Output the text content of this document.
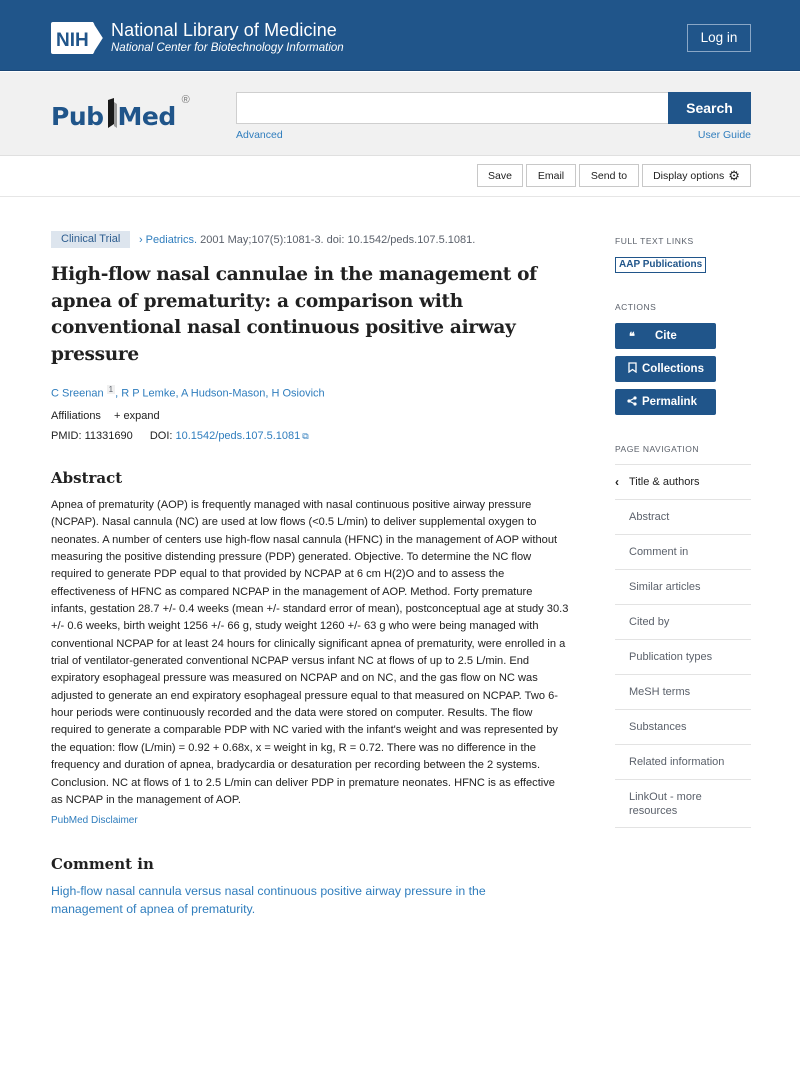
NIH National Library of Medicine
National Center for Biotechnology Information
Log in
Pub Med
®	Search
Advanced	User Guide
Save	Email	Send to	Display options ⚙
Clinical Trial	› Pediatrics. 2001 May;107(5):1081-3. doi: 10.1542/peds.107.5.1081.
High-flow nasal cannulae in the management of apnea of prematurity: a comparison with conventional nasal continuous positive airway pressure
C Sreenan $^1$ , R P Lemke, A Hudson-Mason, H Osiovich
Affiliations + expand
PMID: 11331690 DOI: 10.1542/peds.107.5.1081 ⧉
Abstract

Apnea of prematurity (AOP) is frequently managed with nasal continuous positive airway pressure (NCPAP). Nasal cannula (NC) are used at low flows (<0.5 L/min) to deliver supplemental oxygen to neonates. A number of centers use high-flow nasal cannula (HFNC) in the management of AOP without measuring the positive distending pressure (PDP) generated. Objective. To determine the NC flow required to generate PDP equal to that provided by NCPAP at 6 cm H(2)O and to assess the effectiveness of HFNC as compared NCPAP in the management of AOP. Method. Forty premature infants, gestation 28.7 +/- 0.4 weeks (mean +/- standard error of mean), postconceptual age at study 30.3 +/- 0.6 weeks, birth weight 1256 +/- 66 g, study weight 1260 +/- 63 g who were being managed with conventional NCPAP for at least 24 hours for clinically significant apnea of prematurity, were enrolled in a trial of ventilator-generated conventional NCPAP versus infant NC at flows of up to 2.5 L/min. End expiratory esophageal pressure was measured on NCPAP and on NC, and the gas flow on NC was adjusted to generate an end expiratory esophageal pressure equal to that measured on NCPAP. Two 6-hour periods were continuously recorded and the data were stored on computer. Results. The flow required to generate a comparable PDP with NC varied with the infant's weight and was represented by the equation: flow (L/min) = 0.92 + 0.68x, x = weight in kg, R = 0.72. There was no difference in the frequency and duration of apnea, bradycardia or desaturation per recording between the 2 systems. Conclusion. NC at flows of 1 to 2.5 L/min can deliver PDP in premature neonates. HFNC is as effective as NCPAP in the management of AOP.

PubMed Disclaimer
Comment in
High-flow nasal cannula versus nasal continuous positive airway pressure in the management of apnea of prematurity.
FULL TEXT LINKS
AAP Publications
ACTIONS
❝	Cite
Collections
Permalink
PAGE NAVIGATION
‹ Title & authors
Abstract
Comment in
Similar articles
Cited by
Publication types
MeSH terms
Substances
Related information
LinkOut - more resources
